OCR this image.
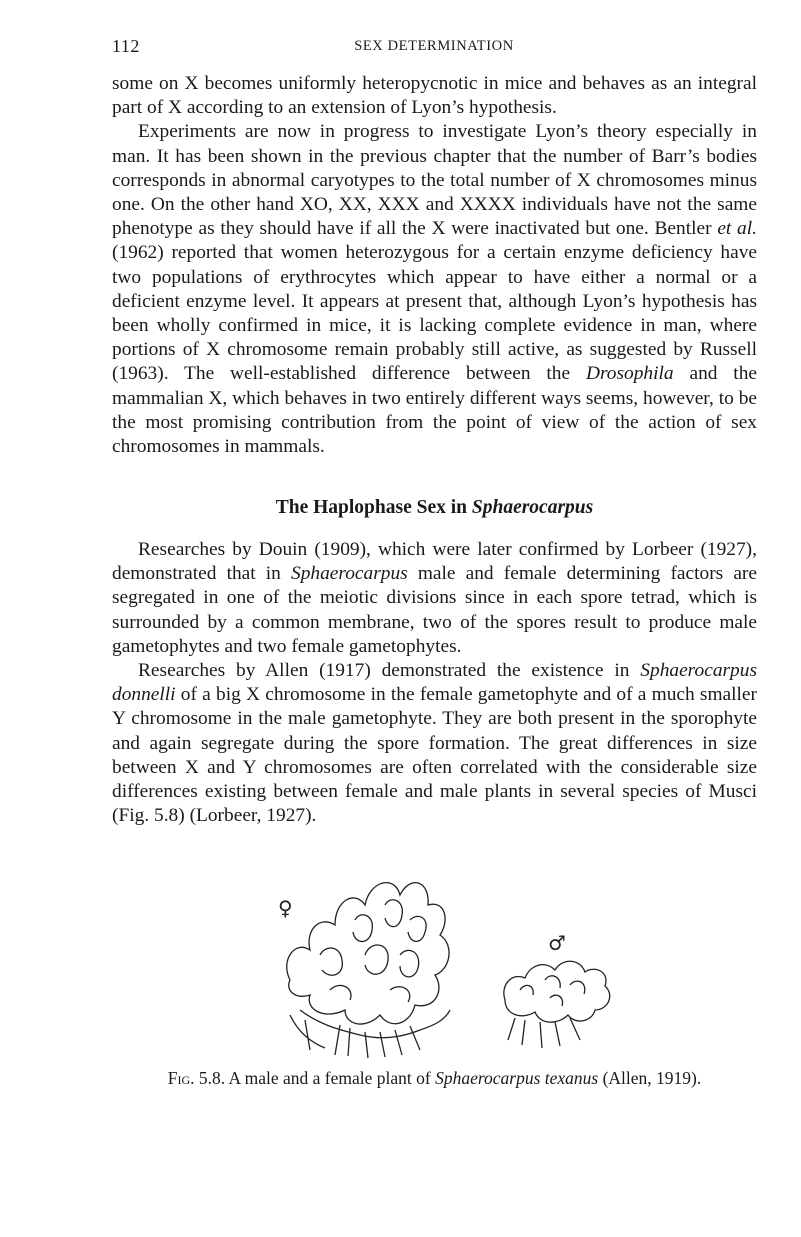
112	SEX DETERMINATION

some on X becomes uniformly heteropycnotic in mice and behaves as an integral part of X according to an extension of Lyon’s hypothesis.

Experiments are now in progress to investigate Lyon’s theory especially in man. It has been shown in the previous chapter that the number of Barr’s bodies corresponds in abnormal caryotypes to the total number of X chromosomes minus one. On the other hand XO, XX, XXX and XXXX individuals have not the same phenotype as they should have if all the X were inactivated but one. Bentler et al. (1962) reported that women heterozygous for a certain enzyme deficiency have two populations of erythrocytes which appear to have either a normal or a deficient enzyme level. It appears at present that, although Lyon’s hypothesis has been wholly confirmed in mice, it is lacking complete evidence in man, where portions of X chromosome remain probably still active, as suggested by Russell (1963). The well-established difference between the Drosophila and the mammalian X, which behaves in two entirely different ways seems, however, to be the most promising contribution from the point of view of the action of sex chromosomes in mammals.

The Haplophase Sex in Sphaerocarpus

Researches by Douin (1909), which were later confirmed by Lorbeer (1927), demonstrated that in Sphaerocarpus male and female determining factors are segregated in one of the meiotic divisions since in each spore tetrad, which is surrounded by a common membrane, two of the spores result to produce male gametophytes and two female gametophytes.

Researches by Allen (1917) demonstrated the existence in Sphaerocarpus donnelli of a big X chromosome in the female gametophyte and of a much smaller Y chromosome in the male gametophyte. They are both present in the sporophyte and again segregate during the spore formation. The great differences in size between X and Y chromosomes are often correlated with the considerable size differences existing between female and male plants in several species of Musci (Fig. 5.8) (Lorbeer, 1927).

♀
♂
Fig. 5.8. A male and a female plant of Sphaerocarpus texanus (Allen, 1919).
